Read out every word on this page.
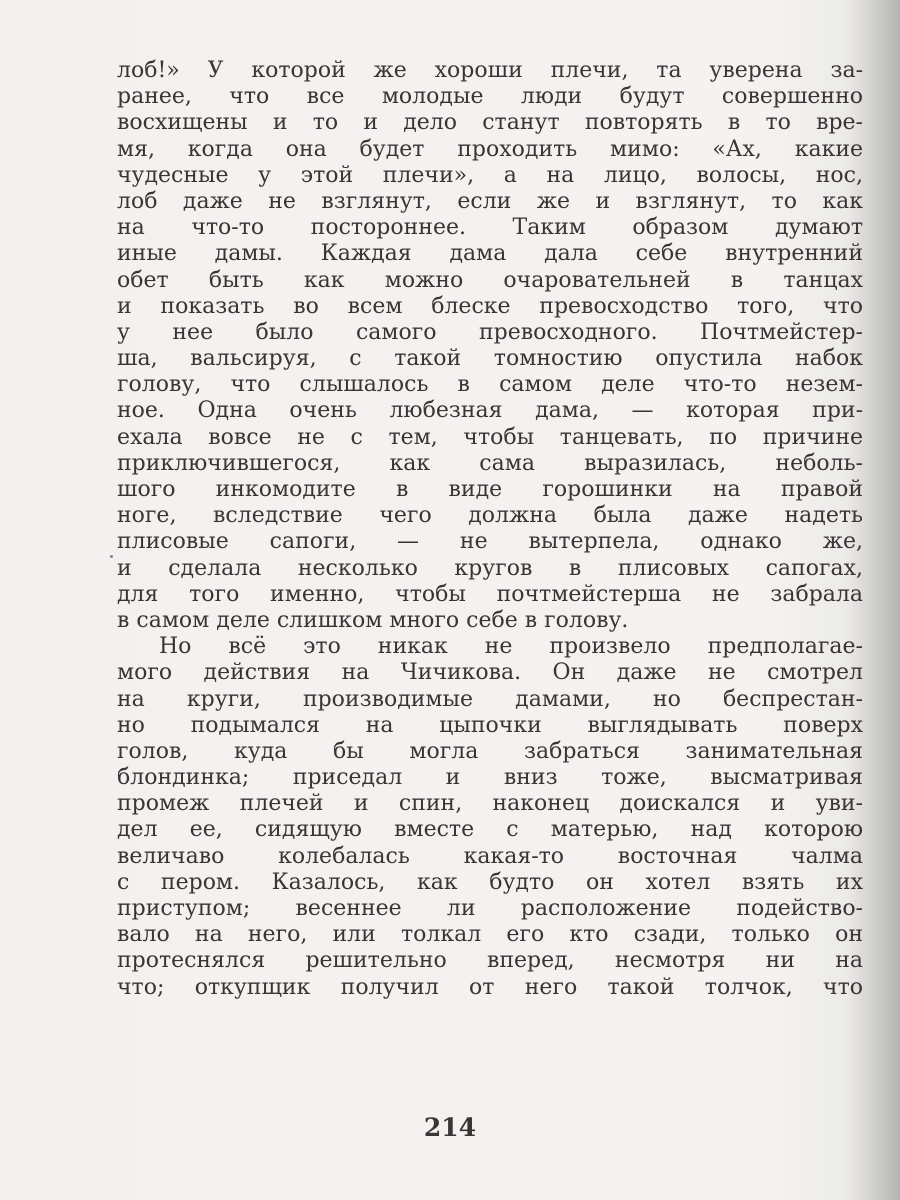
лоб!» У которой же хороши плечи, та уверена за-
ранее, что все молодые люди будут совершенно
восхищены и то и дело станут повторять в то вре-
мя, когда она будет проходить мимо: «Ах, какие
чудесные у этой плечи», а на лицо, волосы, нос,
лоб даже не взглянут, если же и взглянут, то как
на что-то постороннее. Таким образом думают
иные дамы. Каждая дама дала себе внутренний
обет быть как можно очаровательней в танцах
и показать во всем блеске превосходство того, что
у нее было самого превосходного. Почтмейстер-
ша, вальсируя, с такой томностию опустила набок
голову, что слышалось в самом деле что-то незем-
ное. Одна очень любезная дама, — которая при-
ехала вовсе не с тем, чтобы танцевать, по причине
приключившегося, как сама выразилась, неболь-
шого инкомодите в виде горошинки на правой
ноге, вследствие чего должна была даже надеть
плисовые сапоги, — не вытерпела, однако же,
и сделала несколько кругов в плисовых сапогах,
для того именно, чтобы почтмейстерша не забрала
в самом деле слишком много себе в голову.
Но всё это никак не произвело предполагае-
мого действия на Чичикова. Он даже не смотрел
на круги, производимые дамами, но беспрестан-
но подымался на цыпочки выглядывать поверх
голов, куда бы могла забраться занимательная
блондинка; приседал и вниз тоже, высматривая
промеж плечей и спин, наконец доискался и уви-
дел ее, сидящую вместе с матерью, над которою
величаво колебалась какая-то восточная чалма
с пером. Казалось, как будто он хотел взять их
приступом; весеннее ли расположение подейство-
вало на него, или толкал его кто сзади, только он
протеснялся решительно вперед, несмотря ни на
что; откупщик получил от него такой толчок, что
214
